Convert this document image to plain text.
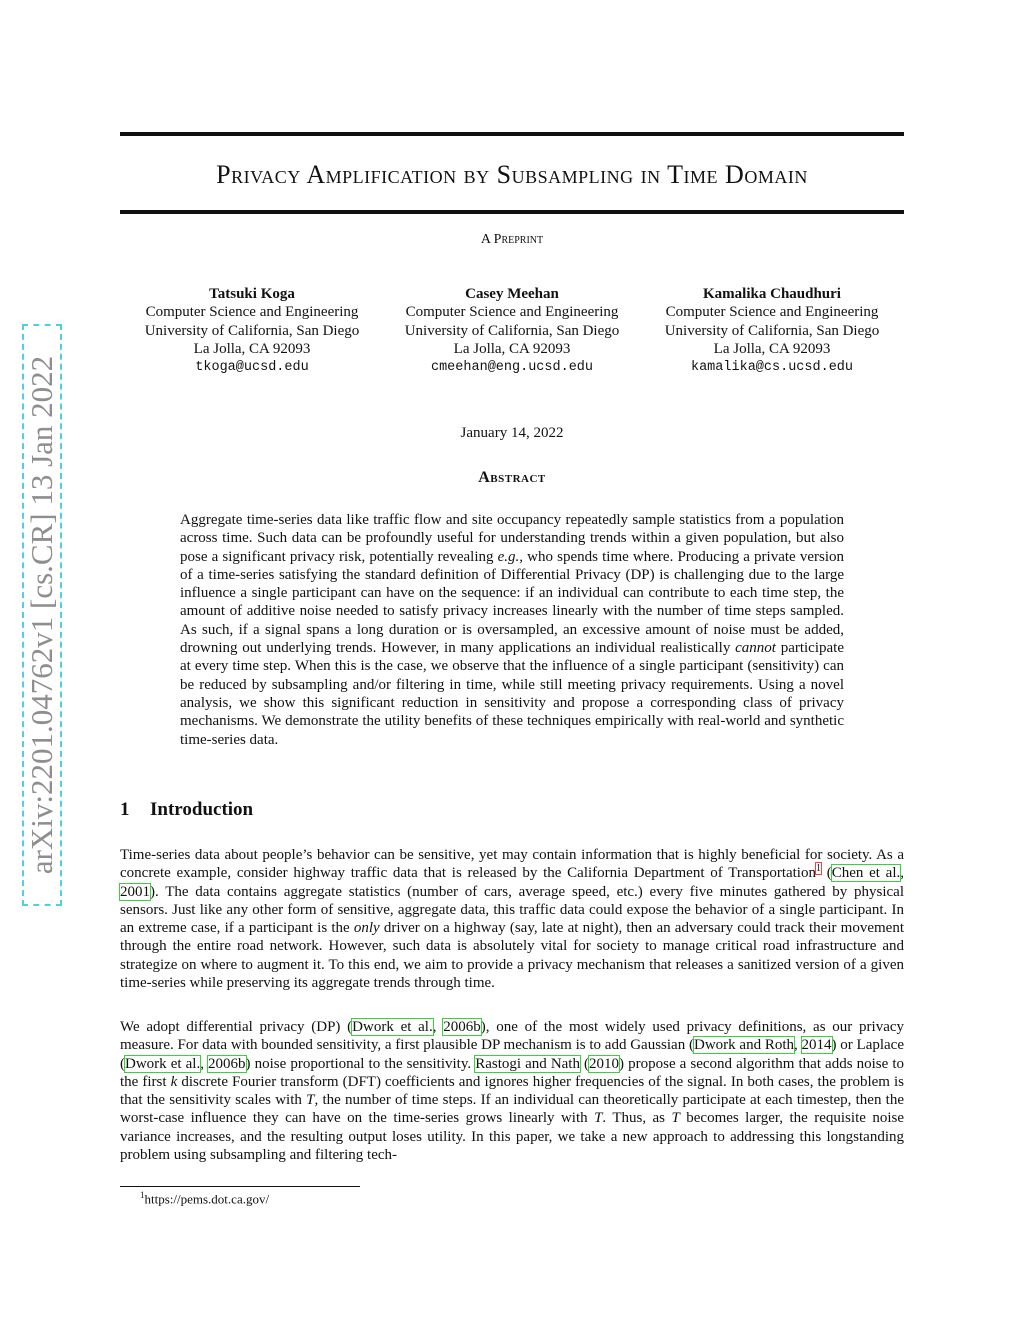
arXiv:2201.04762v1 [cs.CR] 13 Jan 2022
Privacy Amplification by Subsampling in Time Domain
A Preprint
Tatsuki Koga
Computer Science and Engineering
University of California, San Diego
La Jolla, CA 92093
tkoga@ucsd.edu
Casey Meehan
Computer Science and Engineering
University of California, San Diego
La Jolla, CA 92093
cmeehan@eng.ucsd.edu
Kamalika Chaudhuri
Computer Science and Engineering
University of California, San Diego
La Jolla, CA 92093
kamalika@cs.ucsd.edu
January 14, 2022
Abstract

Aggregate time-series data like traffic flow and site occupancy repeatedly sample statistics from a population across time. Such data can be profoundly useful for understanding trends within a given population, but also pose a significant privacy risk, potentially revealing e.g., who spends time where. Producing a private version of a time-series satisfying the standard definition of Differential Privacy (DP) is challenging due to the large influence a single participant can have on the sequence: if an individual can contribute to each time step, the amount of additive noise needed to satisfy privacy increases linearly with the number of time steps sampled. As such, if a signal spans a long duration or is oversampled, an excessive amount of noise must be added, drowning out underlying trends. However, in many applications an individual realistically cannot participate at every time step. When this is the case, we observe that the influence of a single participant (sensitivity) can be reduced by subsampling and/or filtering in time, while still meeting privacy requirements. Using a novel analysis, we show this significant reduction in sensitivity and propose a corresponding class of privacy mechanisms. We demonstrate the utility benefits of these techniques empirically with real-world and synthetic time-series data.

1 Introduction

Time-series data about people’s behavior can be sensitive, yet may contain information that is highly beneficial for society. As a concrete example, consider highway traffic data that is released by the California Department of Transportation$^1$ (Chen et al., 2001). The data contains aggregate statistics (number of cars, average speed, etc.) every five minutes gathered by physical sensors. Just like any other form of sensitive, aggregate data, this traffic data could expose the behavior of a single participant. In an extreme case, if a participant is the only driver on a highway (say, late at night), then an adversary could track their movement through the entire road network. However, such data is absolutely vital for society to manage critical road infrastructure and strategize on where to augment it. To this end, we aim to provide a privacy mechanism that releases a sanitized version of a given time-series while preserving its aggregate trends through time.

We adopt differential privacy (DP) (Dwork et al., 2006b), one of the most widely used privacy definitions, as our privacy measure. For data with bounded sensitivity, a first plausible DP mechanism is to add Gaussian (Dwork and Roth, 2014) or Laplace (Dwork et al., 2006b) noise proportional to the sensitivity. Rastogi and Nath (2010) propose a second algorithm that adds noise to the first k discrete Fourier transform (DFT) coefficients and ignores higher frequencies of the signal. In both cases, the problem is that the sensitivity scales with T, the number of time steps. If an individual can theoretically participate at each timestep, then the worst-case influence they can have on the time-series grows linearly with T. Thus, as T becomes larger, the requisite noise variance increases, and the resulting output loses utility. In this paper, we take a new approach to addressing this longstanding problem using subsampling and filtering tech-

$^1$https://pems.dot.ca.gov/
